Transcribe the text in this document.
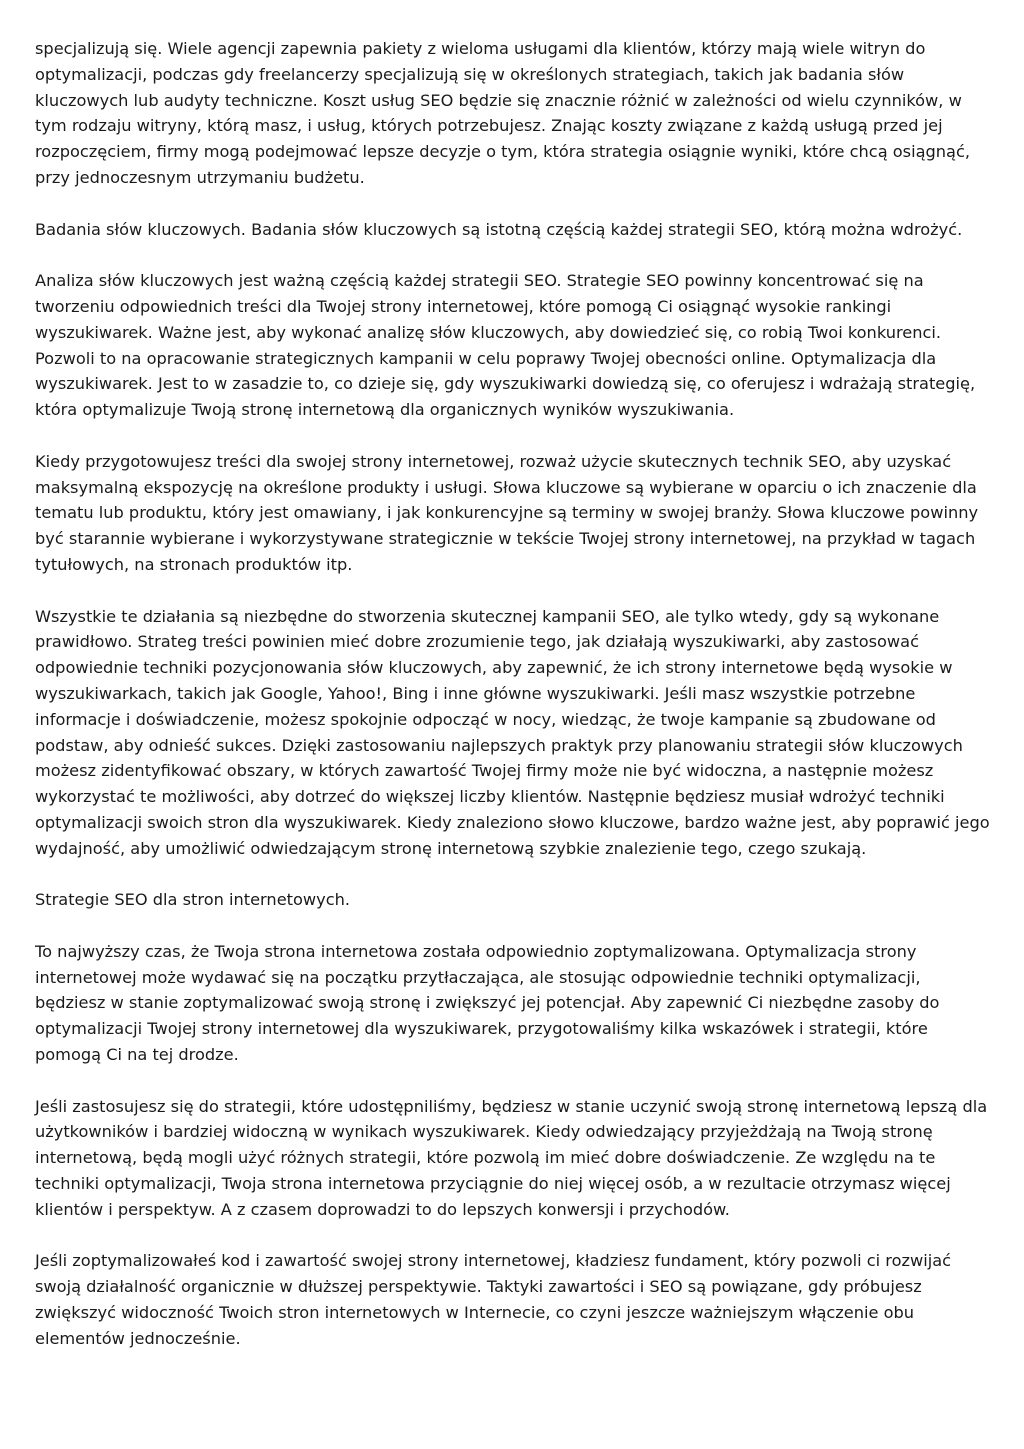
specjalizują się. Wiele agencji zapewnia pakiety z wieloma usługami dla klientów, którzy mają wiele witryn do optymalizacji, podczas gdy freelancerzy specjalizują się w określonych strategiach, takich jak badania słów kluczowych lub audyty techniczne. Koszt usług SEO będzie się znacznie różnić w zależności od wielu czynników, w tym rodzaju witryny, którą masz, i usług, których potrzebujesz. Znając koszty związane z każdą usługą przed jej rozpoczęciem, firmy mogą podejmować lepsze decyzje o tym, która strategia osiągnie wyniki, które chcą osiągnąć, przy jednoczesnym utrzymaniu budżetu.

Badania słów kluczowych. Badania słów kluczowych są istotną częścią każdej strategii SEO, którą można wdrożyć.

Analiza słów kluczowych jest ważną częścią każdej strategii SEO. Strategie SEO powinny koncentrować się na tworzeniu odpowiednich treści dla Twojej strony internetowej, które pomogą Ci osiągnąć wysokie rankingi wyszukiwarek. Ważne jest, aby wykonać analizę słów kluczowych, aby dowiedzieć się, co robią Twoi konkurenci. Pozwoli to na opracowanie strategicznych kampanii w celu poprawy Twojej obecności online. Optymalizacja dla wyszukiwarek. Jest to w zasadzie to, co dzieje się, gdy wyszukiwarki dowiedzą się, co oferujesz i wdrażają strategię, która optymalizuje Twoją stronę internetową dla organicznych wyników wyszukiwania.

Kiedy przygotowujesz treści dla swojej strony internetowej, rozważ użycie skutecznych technik SEO, aby uzyskać maksymalną ekspozycję na określone produkty i usługi. Słowa kluczowe są wybierane w oparciu o ich znaczenie dla tematu lub produktu, który jest omawiany, i jak konkurencyjne są terminy w swojej branży. Słowa kluczowe powinny być starannie wybierane i wykorzystywane strategicznie w tekście Twojej strony internetowej, na przykład w tagach tytułowych, na stronach produktów itp.

Wszystkie te działania są niezbędne do stworzenia skutecznej kampanii SEO, ale tylko wtedy, gdy są wykonane prawidłowo. Strateg treści powinien mieć dobre zrozumienie tego, jak działają wyszukiwarki, aby zastosować odpowiednie techniki pozycjonowania słów kluczowych, aby zapewnić, że ich strony internetowe będą wysokie w wyszukiwarkach, takich jak Google, Yahoo!, Bing i inne główne wyszukiwarki. Jeśli masz wszystkie potrzebne informacje i doświadczenie, możesz spokojnie odpocząć w nocy, wiedząc, że twoje kampanie są zbudowane od podstaw, aby odnieść sukces. Dzięki zastosowaniu najlepszych praktyk przy planowaniu strategii słów kluczowych możesz zidentyfikować obszary, w których zawartość Twojej firmy może nie być widoczna, a następnie możesz wykorzystać te możliwości, aby dotrzeć do większej liczby klientów. Następnie będziesz musiał wdrożyć techniki optymalizacji swoich stron dla wyszukiwarek. Kiedy znaleziono słowo kluczowe, bardzo ważne jest, aby poprawić jego wydajność, aby umożliwić odwiedzającym stronę internetową szybkie znalezienie tego, czego szukają.

Strategie SEO dla stron internetowych.

To najwyższy czas, że Twoja strona internetowa została odpowiednio zoptymalizowana. Optymalizacja strony internetowej może wydawać się na początku przytłaczająca, ale stosując odpowiednie techniki optymalizacji, będziesz w stanie zoptymalizować swoją stronę i zwiększyć jej potencjał. Aby zapewnić Ci niezbędne zasoby do optymalizacji Twojej strony internetowej dla wyszukiwarek, przygotowaliśmy kilka wskazówek i strategii, które pomogą Ci na tej drodze.

Jeśli zastosujesz się do strategii, które udostępniliśmy, będziesz w stanie uczynić swoją stronę internetową lepszą dla użytkowników i bardziej widoczną w wynikach wyszukiwarek. Kiedy odwiedzający przyjeżdżają na Twoją stronę internetową, będą mogli użyć różnych strategii, które pozwolą im mieć dobre doświadczenie. Ze względu na te techniki optymalizacji, Twoja strona internetowa przyciągnie do niej więcej osób, a w rezultacie otrzymasz więcej klientów i perspektyw. A z czasem doprowadzi to do lepszych konwersji i przychodów.

Jeśli zoptymalizowałeś kod i zawartość swojej strony internetowej, kładziesz fundament, który pozwoli ci rozwijać swoją działalność organicznie w dłuższej perspektywie. Taktyki zawartości i SEO są powiązane, gdy próbujesz zwiększyć widoczność Twoich stron internetowych w Internecie, co czyni jeszcze ważniejszym włączenie obu elementów jednocześnie.
